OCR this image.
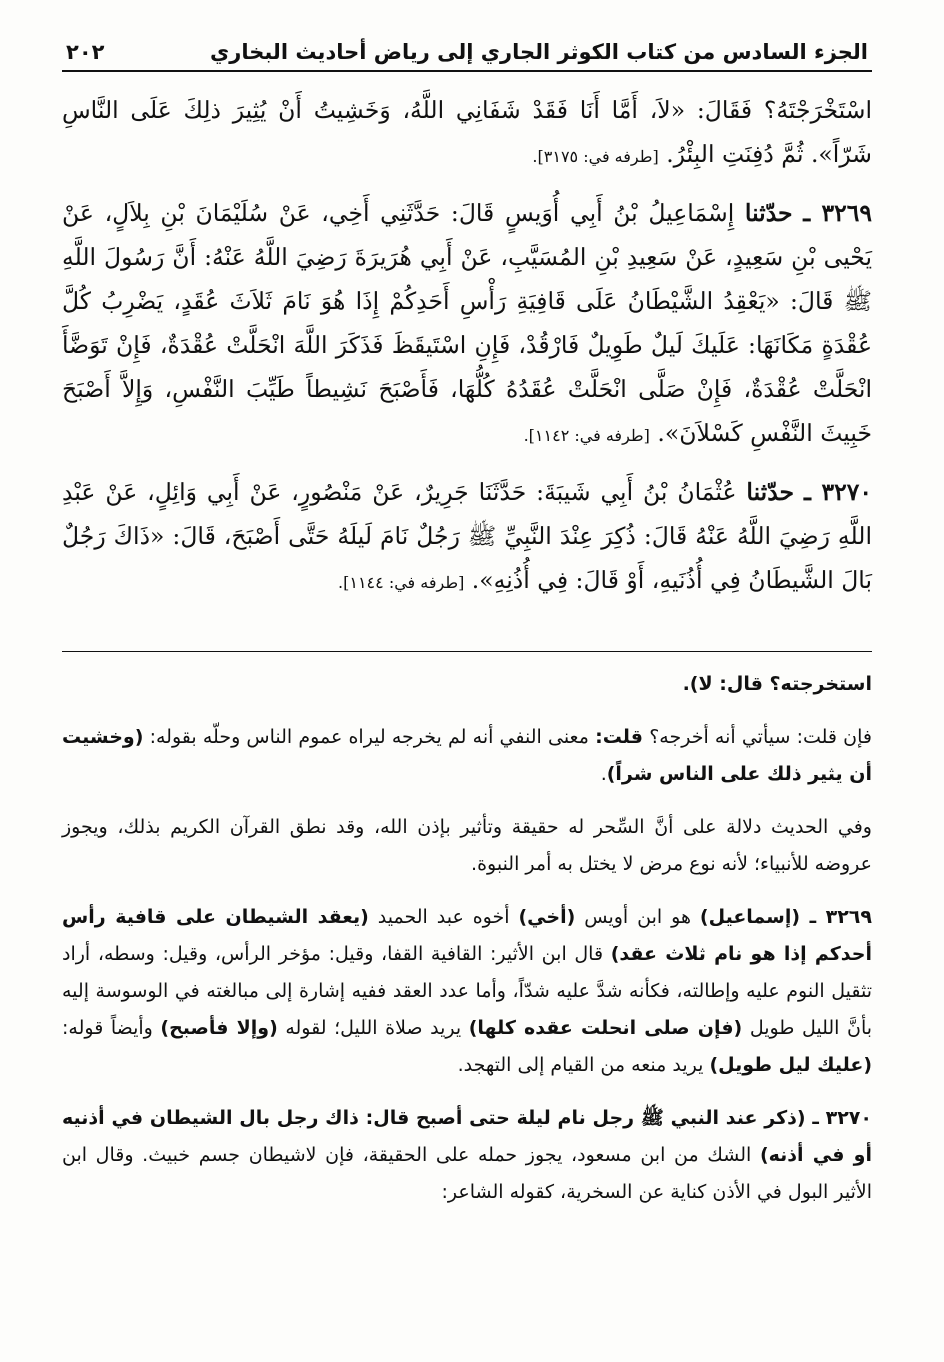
الجزء السادس من كتاب الكوثر الجاري إلى رياض أحاديث البخاري
٢٠٢

اسْتَخْرَجْتَهُ؟ فَقَالَ: «لاَ، أَمَّا أَنَا فَقَدْ شَفَانِي اللَّهُ، وَخَشِيتُ أَنْ يُثِيرَ ذلِكَ عَلَى النَّاسِ شَرّاً». ثُمَّ دُفِنَتِ البِئْرُ. [طرفه في: ٣١٧٥].

٣٢٦٩ ـ حدّثنا إِسْمَاعِيلُ بْنُ أَبِي أُوَيسٍ قَالَ: حَدَّثَنِي أَخِي، عَنْ سُلَيْمَانَ بْنِ بِلاَلٍ، عَنْ يَحْيى بْنِ سَعِيدٍ، عَنْ سَعِيدِ بْنِ المُسَيَّبِ، عَنْ أَبِي هُرَيرَةَ رَضِيَ اللَّهُ عَنْهُ: أَنَّ رَسُولَ اللَّهِ ﷺ قَالَ: «يَعْقِدُ الشَّيْطَانُ عَلَى قَافِيَةِ رَأْسِ أَحَدِكُمْ إِذَا هُوَ نَامَ ثَلاَثَ عُقَدٍ، يَضْرِبُ كُلَّ عُقْدَةٍ مَكَانَهَا: عَلَيكَ لَيلٌ طَوِيلٌ فَارْقُدْ، فَإِنِ اسْتَيقَظَ فَذَكَرَ اللَّهَ انْحَلَّتْ عُقْدَةٌ، فَإِنْ تَوَضَّأَ انْحَلَّتْ عُقْدَةٌ، فَإِنْ صَلَّى انْحَلَّتْ عُقَدُهُ كُلُّهَا، فَأَصْبَحَ نَشِيطاً طَيِّبَ النَّفْسِ، وَإِلاَّ أَصْبَحَ خَبِيثَ النَّفْسِ كَسْلاَنَ». [طرفه في: ١١٤٢].

٣٢٧٠ ـ حدّثنا عُثْمَانُ بْنُ أَبِي شَيبَةَ: حَدَّثَنَا جَرِيرٌ، عَنْ مَنْصُورٍ، عَنْ أَبِي وَائِلٍ، عَنْ عَبْدِ اللَّهِ رَضِيَ اللَّهُ عَنْهُ قَالَ: ذُكِرَ عِنْدَ النَّبِيِّ ﷺ رَجُلٌ نَامَ لَيلَهُ حَتَّى أَصْبَحَ، قَالَ: «ذَاكَ رَجُلٌ بَالَ الشَّيطَانُ فِي أُذُنَيهِ، أَوْ قَالَ: فِي أُذُنِهِ». [طرفه في: ١١٤٤].

استخرجته؟ قال: لا).

فإن قلت: سيأتي أنه أخرجه؟ قلت: معنى النفي أنه لم يخرجه ليراه عموم الناس وحلّه بقوله: (وخشيت أن يثير ذلك على الناس شراً).

وفي الحديث دلالة على أنَّ السِّحر له حقيقة وتأثير بإذن الله، وقد نطق القرآن الكريم بذلك، ويجوز عروضه للأنبياء؛ لأنه نوع مرض لا يختل به أمر النبوة.

٣٢٦٩ ـ (إسماعيل) هو ابن أويس (أخي) أخوه عبد الحميد (يعقد الشيطان على قافية رأس أحدكم إذا هو نام ثلاث عقد) قال ابن الأثير: القافية القفا، وقيل: مؤخر الرأس، وقيل: وسطه، أراد تثقيل النوم عليه وإطالته، فكأنه شدَّ عليه شدّاً، وأما عدد العقد ففيه إشارة إلى مبالغته في الوسوسة إليه بأنَّ الليل طويل (فإن صلى انحلت عقده كلها) يريد صلاة الليل؛ لقوله (وإلا فأصبح) وأيضاً قوله: (عليك ليل طويل) يريد منعه من القيام إلى التهجد.

٣٢٧٠ ـ (ذكر عند النبي ﷺ رجل نام ليلة حتى أصبح قال: ذاك رجل بال الشيطان في أذنيه أو في أذنه) الشك من ابن مسعود، يجوز حمله على الحقيقة، فإن لاشيطان جسم خبيث. وقال ابن الأثير البول في الأذن كناية عن السخرية، كقوله الشاعر:
